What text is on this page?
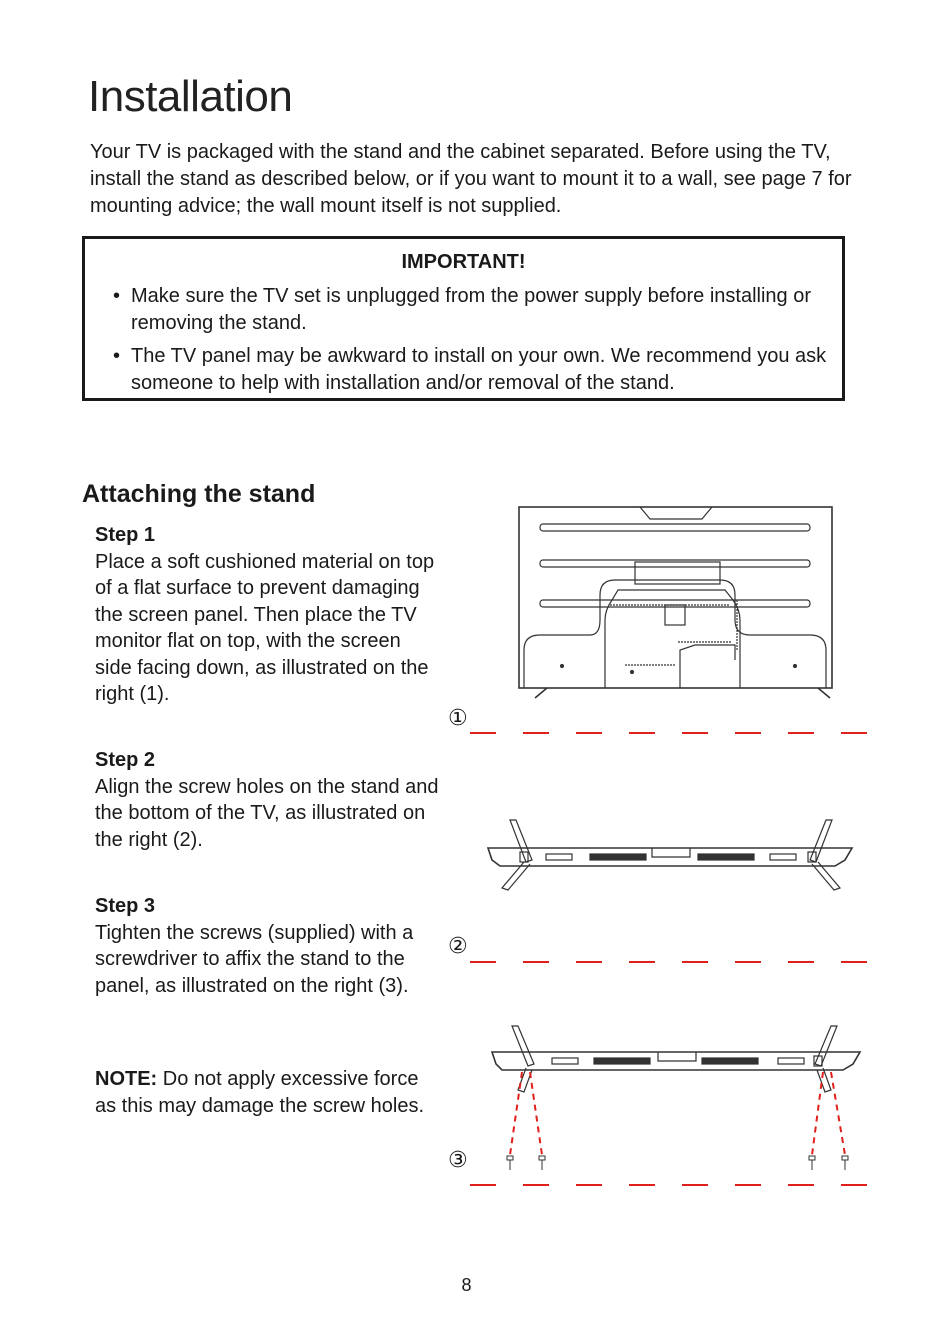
Installation

Your TV is packaged with the stand and the cabinet separated. Before using the TV, install the stand as described below, or if you want to mount it to a wall, see page 7 for mounting advice; the wall mount itself is not supplied.

IMPORTANT!

• Make sure the TV set is unplugged from the power supply before installing or removing the stand.
• The TV panel may be awkward to install on your own. We recommend you ask someone to help with installation and/or removal of the stand.
Attaching the stand

Step 1

Place a soft cushioned material on top of a flat surface to prevent damaging the screen panel. Then place the TV monitor flat on top, with the screen side facing down, as illustrated on the right (1).

Step 2

Align the screw holes on the stand and the bottom of the TV, as illustrated on the right (2).

Step 3

Tighten the screws (supplied) with a screwdriver to affix the stand to the panel, as illustrated on the right (3).

NOTE: Do not apply excessive force as this may damage the screw holes.

①
②
③
8
